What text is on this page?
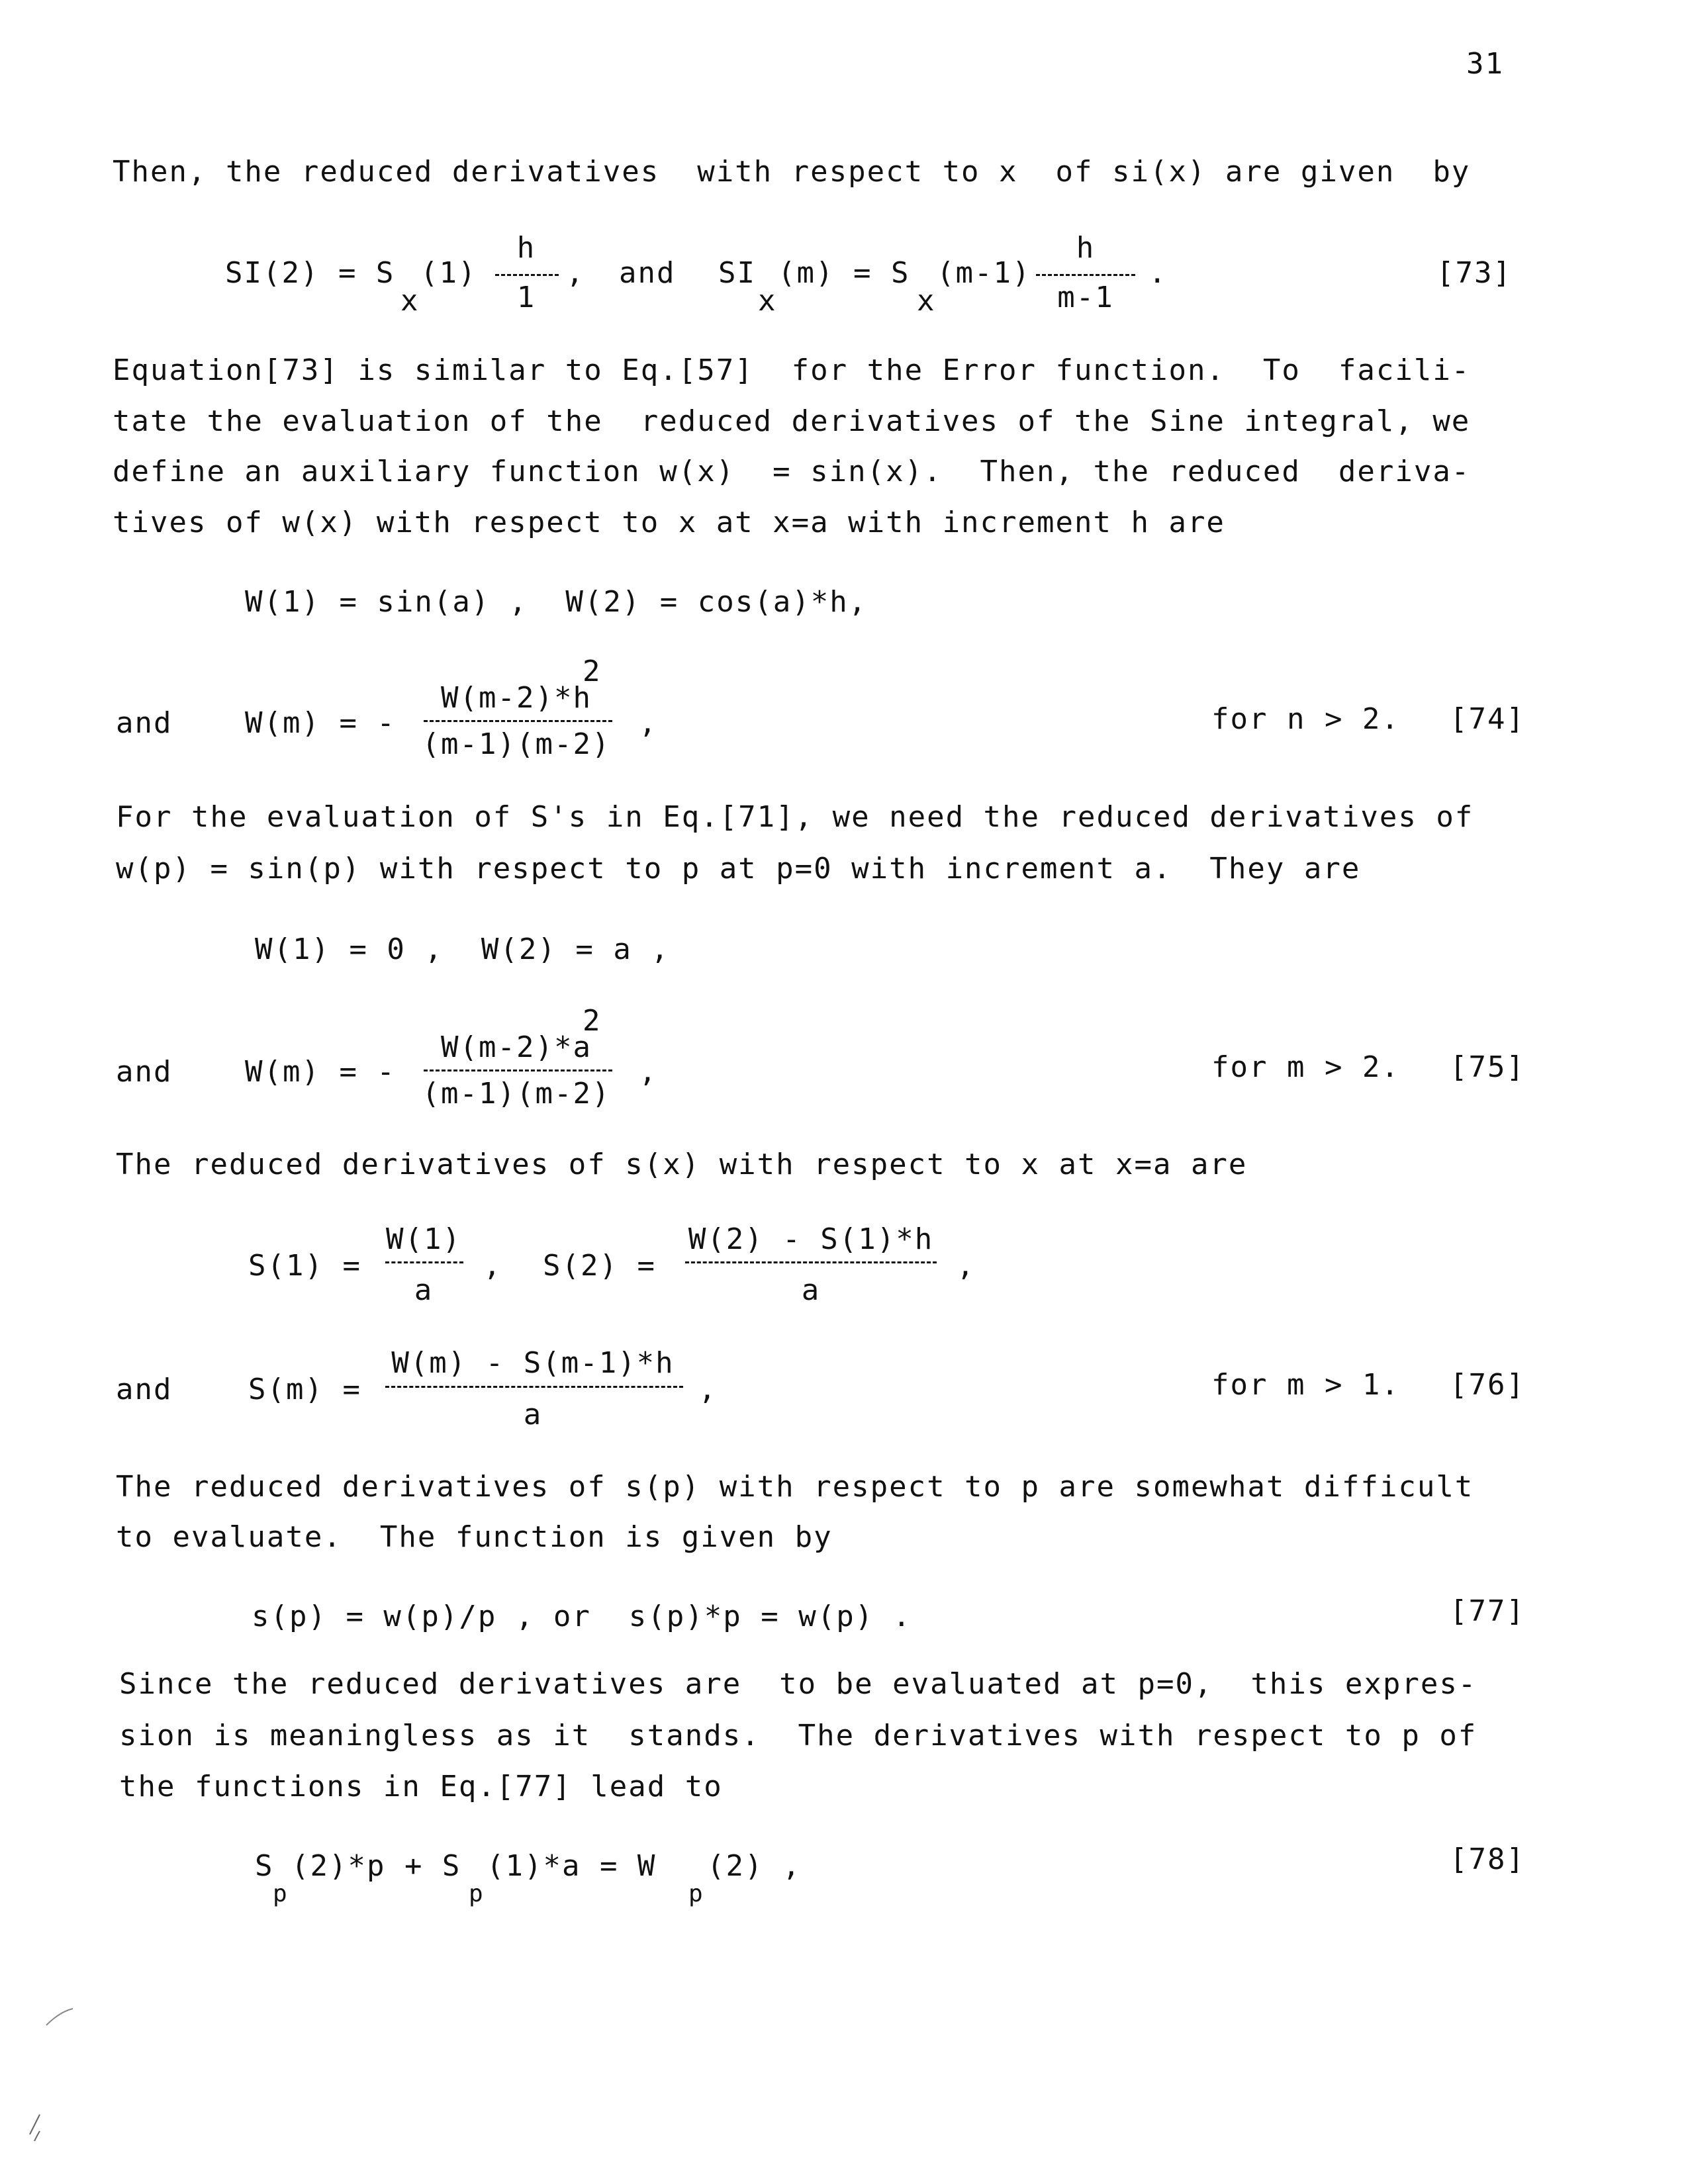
31
Then, the reduced derivatives  with respect to x  of si(x) are given  by
SI(2) = S
x
(1)
h
1
, and SI
x
(m) = S
x
(m-1)
h
m-1
.	[73]
Equation[73] is similar to Eq.[57]  for the Error function.  To  facili-
tate the evaluation of the  reduced derivatives of the Sine integral, we
define an auxiliary function w(x)  = sin(x).  Then, the reduced  deriva-
tives of w(x) with respect to x at x=a with increment h are
W(1) = sin(a) ,  W(2) = cos(a)*h,
and W(m) = -
2
W(m-2)*h
(m-1)(m-2)
,	for n > 2. [74]
For the evaluation of S's in Eq.[71], we need the reduced derivatives of
w(p) = sin(p) with respect to p at p=0 with increment a.  They are
W(1) = 0 ,  W(2) = a ,
and W(m) = -
2
W(m-2)*a
(m-1)(m-2)
,	for m > 2. [75]
The reduced derivatives of s(x) with respect to x at x=a are
S(1) =
W(1)
a
, S(2) =
W(2) - S(1)*h
a
,
and	S(m) =
W(m) - S(m-1)*h
a
,	for m > 1. [76]
The reduced derivatives of s(p) with respect to p are somewhat difficult
to evaluate.  The function is given by
s(p) = w(p)/p , or  s(p)*p = w(p) .	[77]
Since the reduced derivatives are  to be evaluated at p=0,  this expres-
sion is meaningless as it  stands.  The derivatives with respect to p of
the functions in Eq.[77] lead to
S
p
(2)*p + S
p
(1)*a = W
p
(2) ,	[78]
